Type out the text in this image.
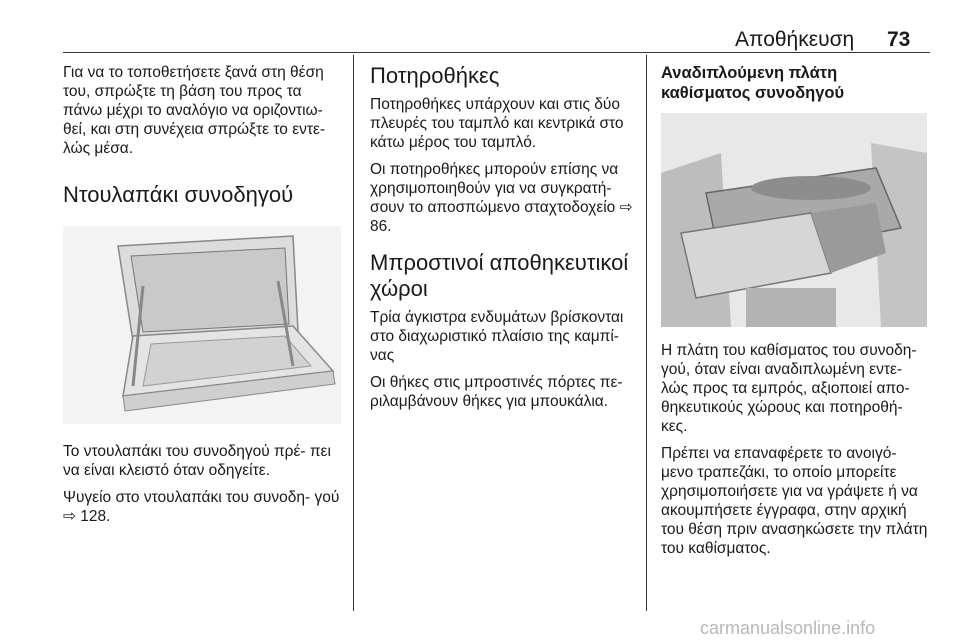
Αποθήκευση 73

Για να το τοποθετήσετε ξανά στη θέση του, σπρώξτε τη βάση του προς τα πάνω μέχρι το αναλόγιο να οριζοντιω- θεί, και στη συνέχεια σπρώξτε το εντε- λώς μέσα.

Ντουλαπάκι συνοδηγού

Το ντουλαπάκι του συνοδηγού πρέ- πει να είναι κλειστό όταν οδηγείτε.

Ψυγείο στο ντουλαπάκι του συνοδη- γού ⇨ 128.

Ποτηροθήκες

Ποτηροθήκες υπάρχουν και στις δύο πλευρές του ταμπλό και κεντρικά στο κάτω μέρος του ταμπλό.

Οι ποτηροθήκες μπορούν επίσης να χρησιμοποιηθούν για να συγκρατή- σουν το αποσπώμενο σταχτοδοχείο ⇨ 86.

Μπροστινοί αποθηκευτικοί χώροι

Τρία άγκιστρα ενδυμάτων βρίσκονται στο διαχωριστικό πλαίσιο της καμπί- νας

Οι θήκες στις μπροστινές πόρτες πε- ριλαμβάνουν θήκες για μπουκάλια.

Αναδιπλούμενη πλάτη καθίσματος συνοδηγού

Η πλάτη του καθίσματος του συνοδη- γού, όταν είναι αναδιπλωμένη εντε- λώς προς τα εμπρός, αξιοποιεί απο- θηκευτικούς χώρους και ποτηροθή- κες.

Πρέπει να επαναφέρετε το ανοιγό- μενο τραπεζάκι, το οποίο μπορείτε χρησιμοποιήσετε για να γράψετε ή να ακουμπήσετε έγγραφα, στην αρχική του θέση πριν ανασηκώσετε την πλάτη του καθίσματος.

carmanualsonline.info
